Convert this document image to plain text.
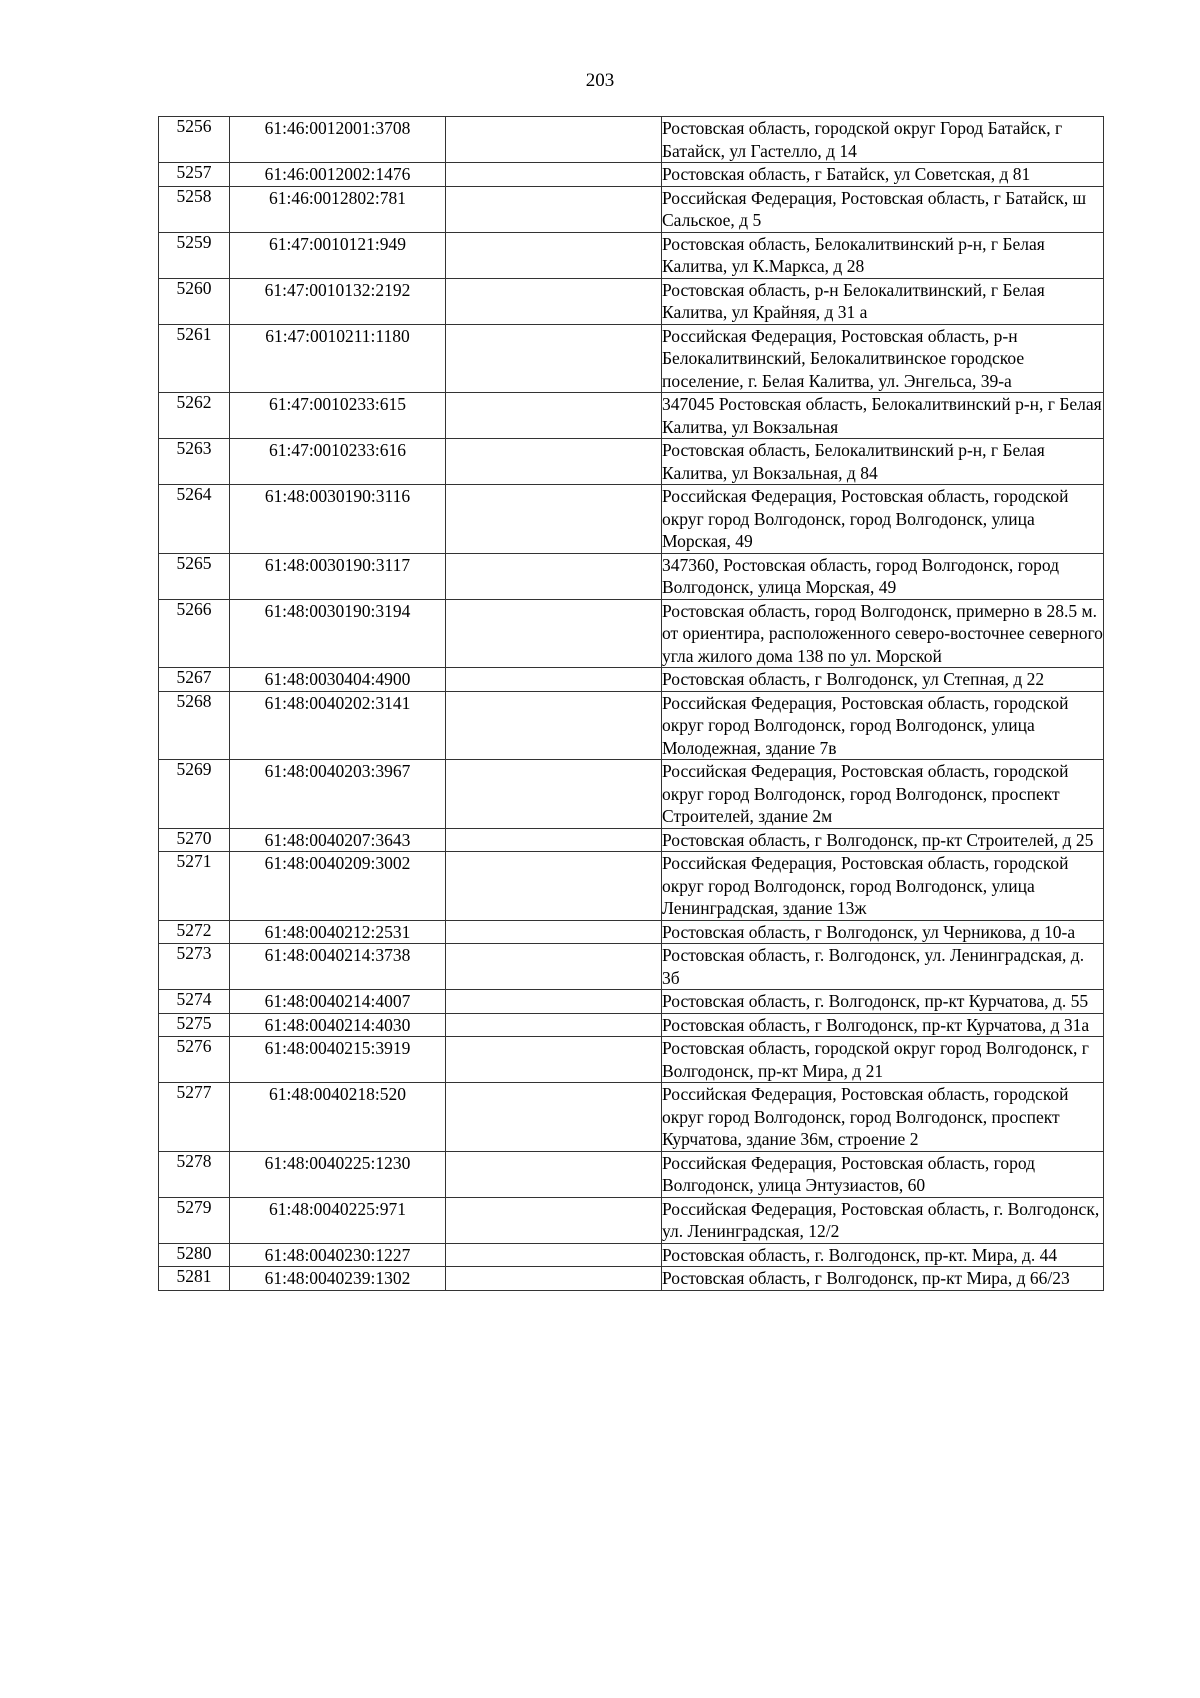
203
5256	61:46:0012001:3708		Ростовская область, городской округ Город Батайск, г Батайск, ул Гастелло, д 14
5257	61:46:0012002:1476		Ростовская область, г Батайск, ул Советская, д 81
5258	61:46:0012802:781		Российская Федерация, Ростовская область, г Батайск, ш Сальское, д 5
5259	61:47:0010121:949		Ростовская область, Белокалитвинский р-н, г Белая Калитва, ул К.Маркса, д 28
5260	61:47:0010132:2192		Ростовская область, р-н Белокалитвинский, г Белая Калитва, ул Крайняя, д 31 а
5261	61:47:0010211:1180		Российская Федерация, Ростовская область, р-н Белокалитвинский, Белокалитвинское городское поселение, г. Белая Калитва, ул. Энгельса, 39-а
5262	61:47:0010233:615		347045 Ростовская область, Белокалитвинский р-н, г Белая Калитва, ул Вокзальная
5263	61:47:0010233:616		Ростовская область, Белокалитвинский р-н, г Белая Калитва, ул Вокзальная, д 84
5264	61:48:0030190:3116		Российская Федерация, Ростовская область, городской округ город Волгодонск, город Волгодонск, улица Морская, 49
5265	61:48:0030190:3117		347360, Ростовская область, город Волгодонск, город Волгодонск, улица Морская, 49
5266	61:48:0030190:3194		Ростовская область, город Волгодонск, примерно в 28.5 м. от ориентира, расположенного северо-восточнее северного угла жилого дома 138 по ул. Морской
5267	61:48:0030404:4900		Ростовская область, г Волгодонск, ул Степная, д 22
5268	61:48:0040202:3141		Российская Федерация, Ростовская область, городской округ город Волгодонск, город Волгодонск, улица Молодежная, здание 7в
5269	61:48:0040203:3967		Российская Федерация, Ростовская область, городской округ город Волгодонск, город Волгодонск, проспект Строителей, здание 2м
5270	61:48:0040207:3643		Ростовская область, г Волгодонск, пр-кт Строителей, д 25
5271	61:48:0040209:3002		Российская Федерация, Ростовская область, городской округ город Волгодонск, город Волгодонск, улица Ленинградская, здание 13ж
5272	61:48:0040212:2531		Ростовская область, г Волгодонск, ул Черникова, д 10-а
5273	61:48:0040214:3738		Ростовская область, г. Волгодонск, ул. Ленинградская, д. 3б
5274	61:48:0040214:4007		Ростовская область, г. Волгодонск, пр-кт Курчатова, д. 55
5275	61:48:0040214:4030		Ростовская область, г Волгодонск, пр-кт Курчатова, д 31а
5276	61:48:0040215:3919		Ростовская область, городской округ город Волгодонск, г Волгодонск, пр-кт Мира, д 21
5277	61:48:0040218:520		Российская Федерация, Ростовская область, городской округ город Волгодонск, город Волгодонск, проспект Курчатова, здание 36м, строение 2
5278	61:48:0040225:1230		Российская Федерация, Ростовская область, город Волгодонск, улица Энтузиастов, 60
5279	61:48:0040225:971		Российская Федерация, Ростовская область, г. Волгодонск, ул. Ленинградская, 12/2
5280	61:48:0040230:1227		Ростовская область, г. Волгодонск, пр-кт. Мира, д. 44
5281	61:48:0040239:1302		Ростовская область, г Волгодонск, пр-кт Мира, д 66/23
